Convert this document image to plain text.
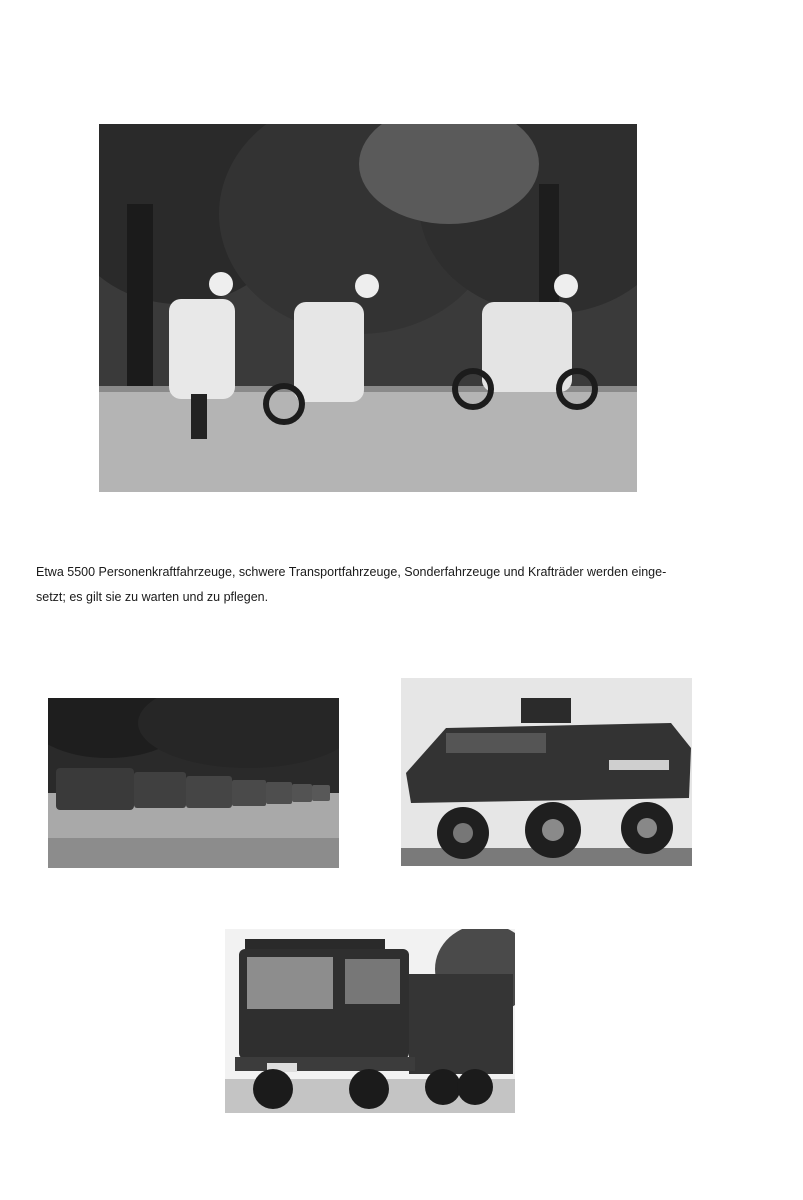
Etwa 5500 Personenkraftfahrzeuge, schwere Transportfahrzeuge, Sonderfahrzeuge und Krafträder werden einge-
setzt; es gilt sie zu warten und zu pflegen.
